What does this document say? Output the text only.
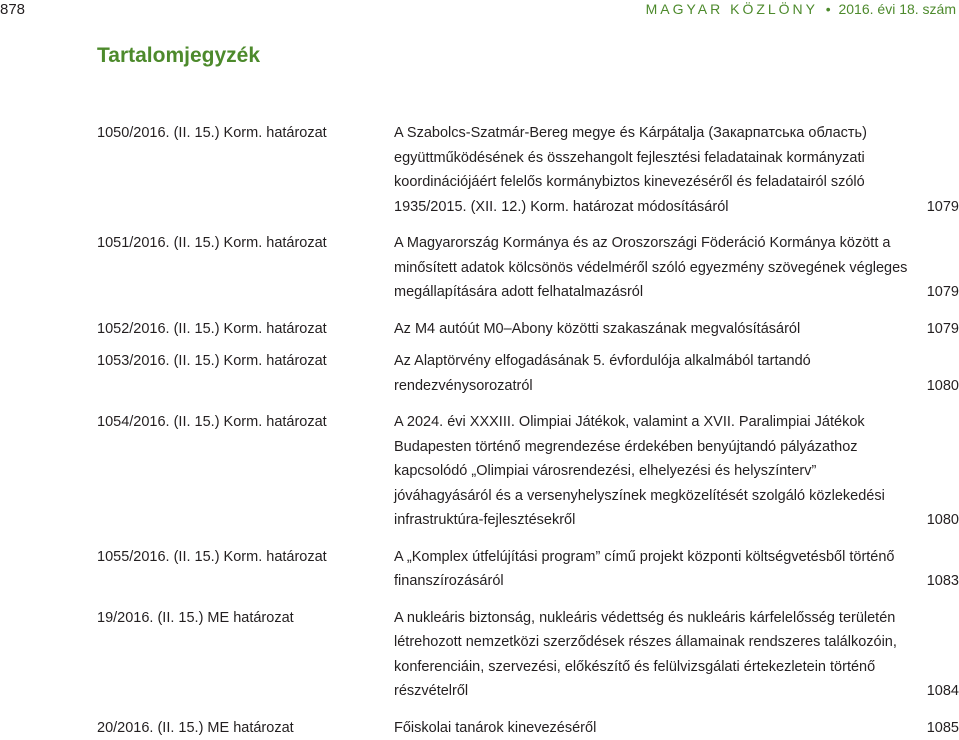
878	MAGYAR KÖZLÖNY  •  2016. évi 18. szám
Tartalomjegyzék
1050/2016. (II. 15.) Korm. határozat	A Szabolcs-Szatmár-Bereg megye és Kárpátalja (Закарпатська область) együttműködésének és összehangolt fejlesztési feladatainak kormányzati koordinációjáért felelős kormánybiztos kinevezéséről és feladatairól szóló 1935/2015. (XII. 12.) Korm. határozat módosításáról	1079
1051/2016. (II. 15.) Korm. határozat	A Magyarország Kormánya és az Oroszországi Föderáció Kormánya között a minősített adatok kölcsönös védelméről szóló egyezmény szövegének végleges megállapítására adott felhatalmazásról	1079
1052/2016. (II. 15.) Korm. határozat	Az M4 autóút M0–Abony közötti szakaszának megvalósításáról	1079
1053/2016. (II. 15.) Korm. határozat	Az Alaptörvény elfogadásának 5. évfordulója alkalmából tartandó rendezvénysorozatról	1080
1054/2016. (II. 15.) Korm. határozat	A 2024. évi XXXIII. Olimpiai Játékok, valamint a XVII. Paralimpiai Játékok Budapesten történő megrendezése érdekében benyújtandó pályázathoz kapcsolódó „Olimpiai városrendezési, elhelyezési és helyszínterv” jóváhagyásáról és a versenyhelyszínek megközelítését szolgáló közlekedési infrastruktúra-fejlesztésekről	1080
1055/2016. (II. 15.) Korm. határozat	A „Komplex útfelújítási program” című projekt központi költségvetésből történő finanszírozásáról	1083
19/2016. (II. 15.) ME határozat	A nukleáris biztonság, nukleáris védettség és nukleáris kárfelelősség területén létrehozott nemzetközi szerződések részes államainak rendszeres találkozóin, konferenciáin, szervezési, előkészítő és felülvizsgálati értekezletein történő részvételről	1084
20/2016. (II. 15.) ME határozat	Főiskolai tanárok kinevezéséről	1085
